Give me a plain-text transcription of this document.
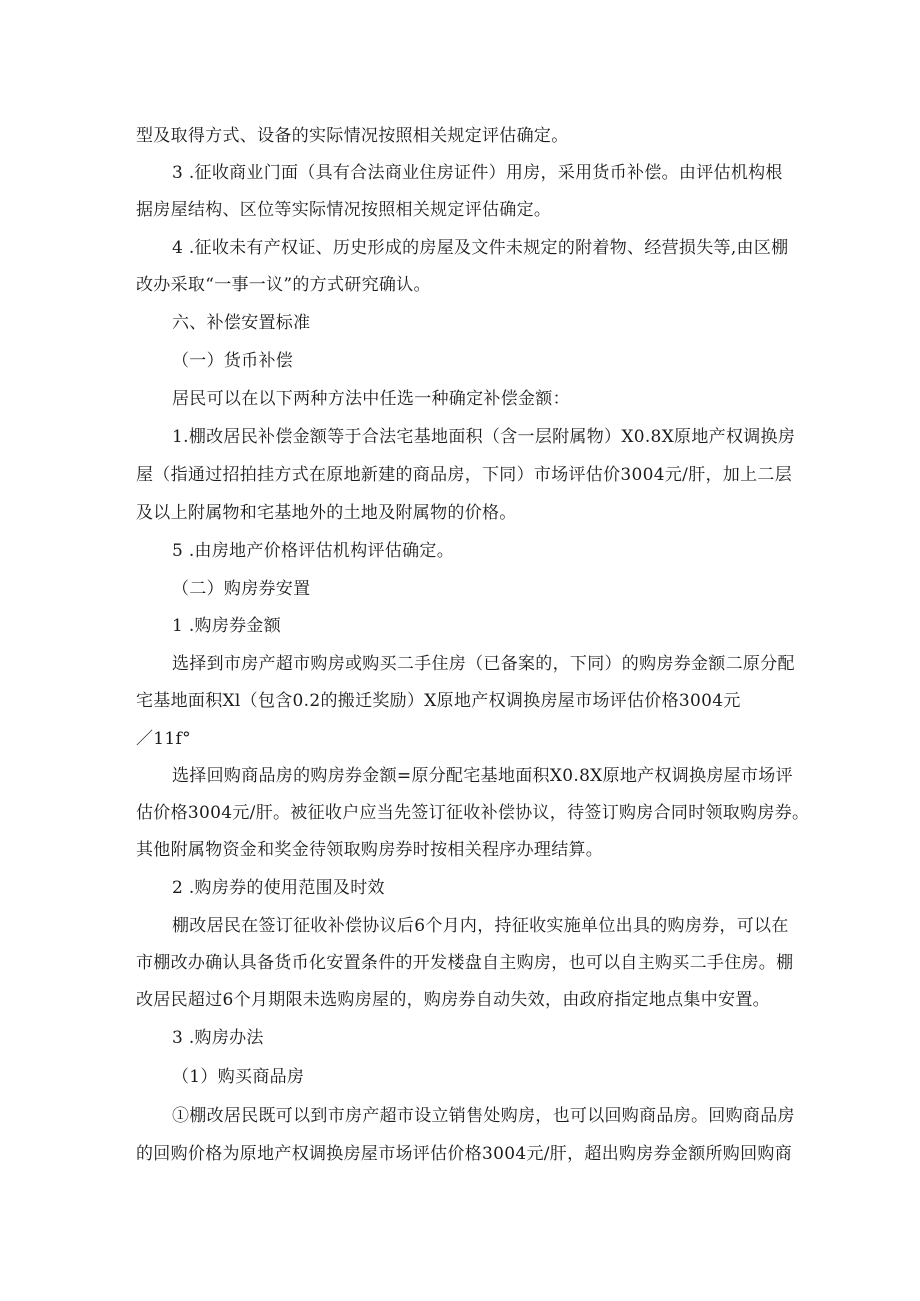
型及取得方式、设备的实际情况按照相关规定评估确定。
3 .征收商业门面（具有合法商业住房证件）用房，采用货币补偿。由评估机构根
据房屋结构、区位等实际情况按照相关规定评估确定。
4 .征收未有产权证、历史形成的房屋及文件未规定的附着物、经营损失等,由区棚
改办采取“一事一议”的方式研究确认。
六、补偿安置标准
（一）货币补偿
居民可以在以下两种方法中任选一种确定补偿金额：
1.棚改居民补偿金额等于合法宅基地面积（含一层附属物）X0.8X原地产权调换房
屋（指通过招拍挂方式在原地新建的商品房，下同）市场评估价3004元/肝，加上二层
及以上附属物和宅基地外的土地及附属物的价格。
5 .由房地产价格评估机构评估确定。
（二）购房券安置
1 .购房券金额
选择到市房产超市购房或购买二手住房（已备案的，下同）的购房券金额二原分配
宅基地面积Xl（包含0.2的搬迁奖励）X原地产权调换房屋市场评估价格3004元
／11f°
选择回购商品房的购房券金额=原分配宅基地面积X0.8X原地产权调换房屋市场评
估价格3004元/肝。被征收户应当先签订征收补偿协议，待签订购房合同时领取购房券。
其他附属物资金和奖金待领取购房券时按相关程序办理结算。
2 .购房券的使用范围及时效
棚改居民在签订征收补偿协议后6个月内，持征收实施单位出具的购房券，可以在
市棚改办确认具备货币化安置条件的开发楼盘自主购房，也可以自主购买二手住房。棚
改居民超过6个月期限未选购房屋的，购房券自动失效，由政府指定地点集中安置。
3 .购房办法
（1）购买商品房
①棚改居民既可以到市房产超市设立销售处购房，也可以回购商品房。回购商品房
的回购价格为原地产权调换房屋市场评估价格3004元/肝，超出购房券金额所购回购商
